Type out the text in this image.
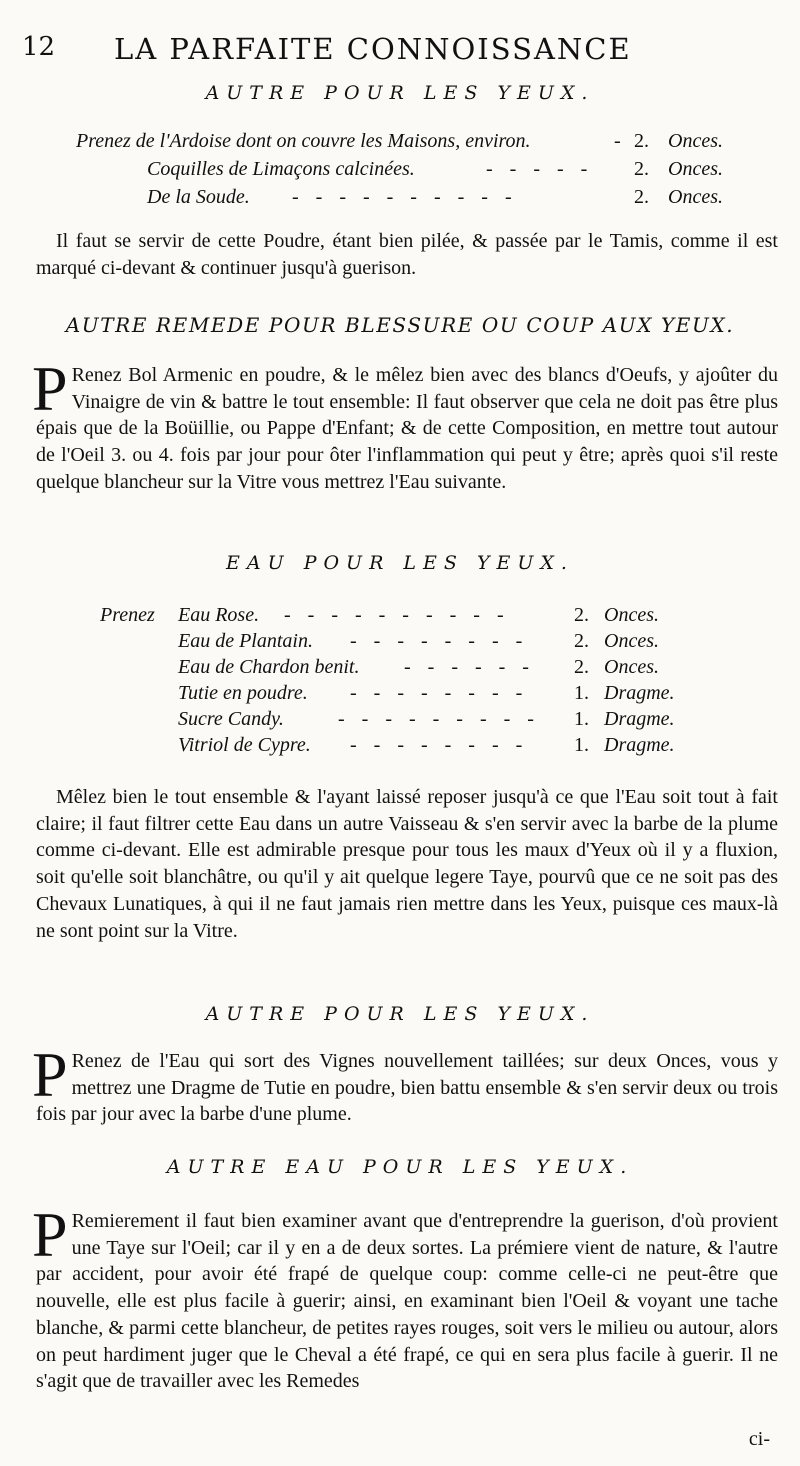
12 LA PARFAITE CONNOISSANCE
AUTRE POUR LES YEUX.
Prenez de l'Ardoise dont on couvre les Maisons, environ.	- 2. Onces.
Coquilles de Limaçons calcinées.	- - - - - 2. Onces.
De la Soude. - - - - - - - - - -	2. Onces.
Il faut se servir de cette Poudre, étant bien pilée, & passée par le Tamis, comme il est marqué ci-devant & continuer jusqu'à guerison.
AUTRE REMEDE POUR BLESSURE OU COUP AUX YEUX.
P Renez Bol Armenic en poudre, & le mêlez bien avec des blancs d'Oeufs, y ajoûter du Vinaigre de vin & battre le tout ensemble: Il faut observer que cela ne doit pas être plus épais que de la Boüillie, ou Pappe d'Enfant; & de cette Composition, en mettre tout autour de l'Oeil 3. ou 4. fois par jour pour ôter l'inflammation qui peut y être; après quoi s'il reste quelque blancheur sur la Vitre vous mettrez l'Eau suivante.
EAU POUR LES YEUX.
Prenez Eau Rose. - - - - - - - - - -	2. Onces.
Eau de Plantain. - - - - - - - - 2. Onces.
Eau de Chardon benit. - - - - - - 2. Onces.
Tutie en poudre. - - - - - - - - 1. Dragme.
Sucre Candy.	- - - - - - - - - 1. Dragme.
Vitriol de Cypre. - - - - - - - - 1. Dragme.
Mêlez bien le tout ensemble & l'ayant laissé reposer jusqu'à ce que l'Eau soit tout à fait claire; il faut filtrer cette Eau dans un autre Vaisseau & s'en servir avec la barbe de la plume comme ci-devant. Elle est admirable presque pour tous les maux d'Yeux où il y a fluxion, soit qu'elle soit blanchâtre, ou qu'il y ait quelque legere Taye, pourvû que ce ne soit pas des Chevaux Lunatiques, à qui il ne faut jamais rien mettre dans les Yeux, puisque ces maux-là ne sont point sur la Vitre.
AUTRE POUR LES YEUX.
P Renez de l'Eau qui sort des Vignes nouvellement taillées; sur deux Onces, vous y mettrez une Dragme de Tutie en poudre, bien battu ensemble & s'en servir deux ou trois fois par jour avec la barbe d'une plume.
AUTRE EAU POUR LES YEUX.
P Remierement il faut bien examiner avant que d'entreprendre la guerison, d'où provient une Taye sur l'Oeil; car il y en a de deux sortes. La prémiere vient de nature, & l'autre par accident, pour avoir été frapé de quelque coup: comme celle-ci ne peut-être que nouvelle, elle est plus facile à guerir; ainsi, en examinant bien l'Oeil & voyant une tache blanche, & parmi cette blancheur, de petites rayes rouges, soit vers le milieu ou autour, alors on peut hardiment juger que le Cheval a été frapé, ce qui en sera plus facile à guerir. Il ne s'agit que de travailler avec les Remedes
ci-
